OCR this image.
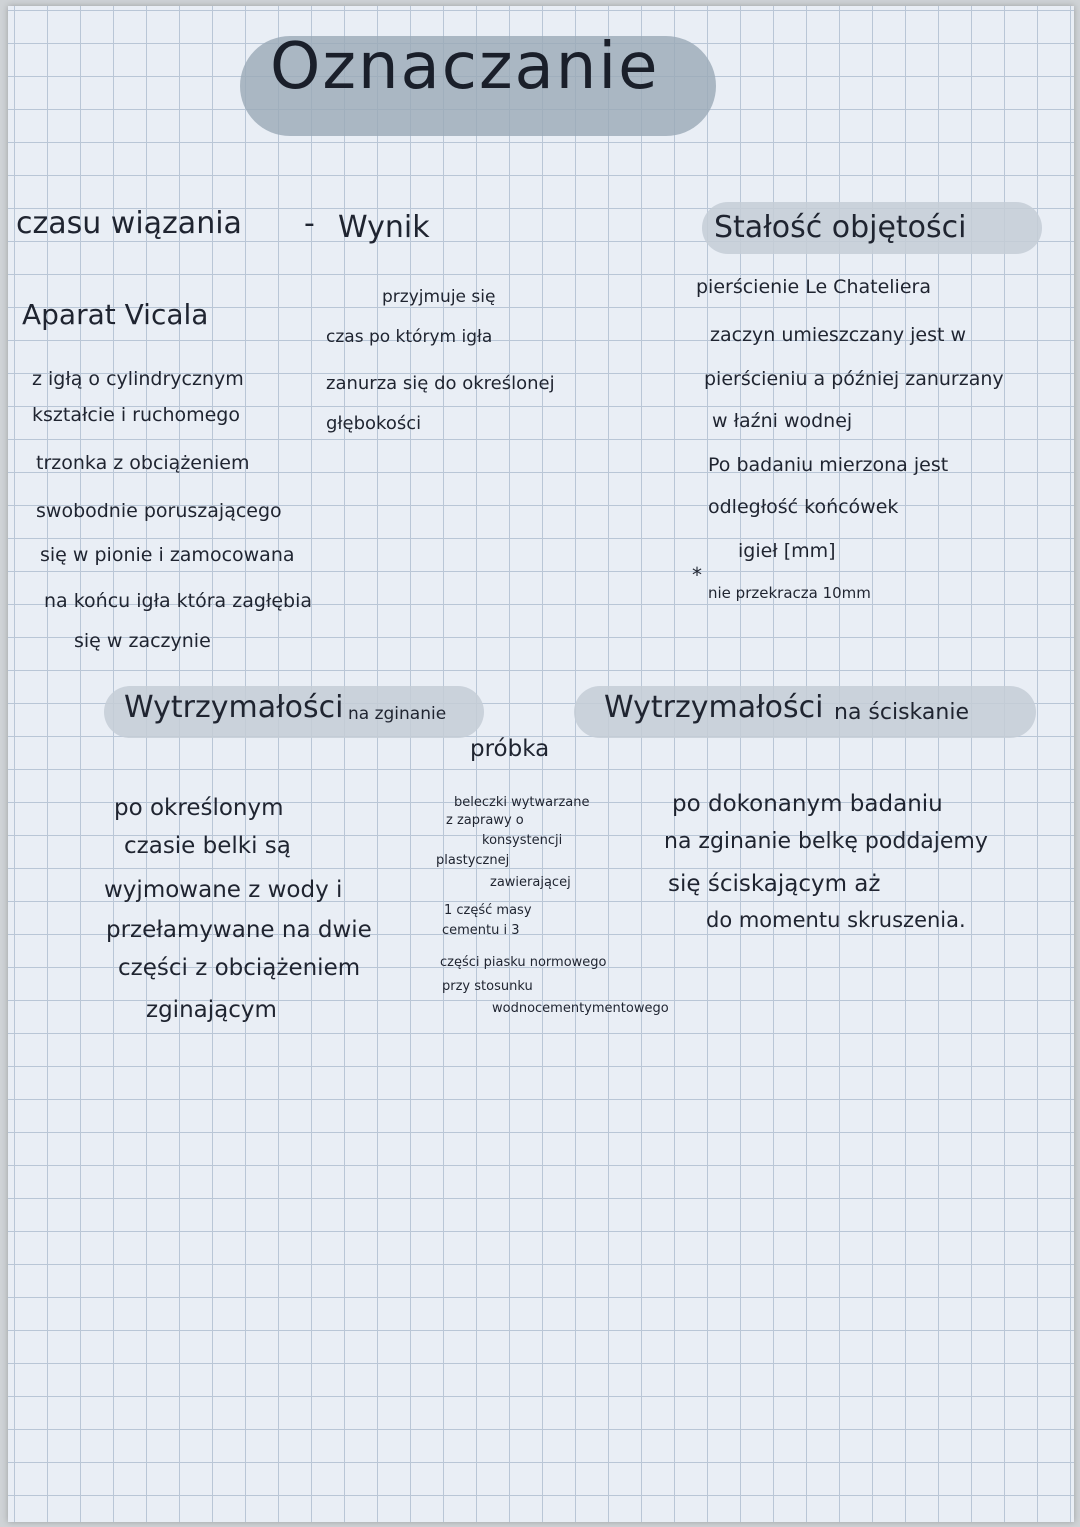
Oznaczanie
czasu wiązania - Wynik
Aparat Vicala
z igłą o cylindrycznym
kształcie i ruchomego
trzonka z obciążeniem
swobodnie poruszającego
się w pionie i zamocowana
na końcu igła która zagłębia
się w zaczynie
przyjmuje się
czas po którym igła
zanurza się do określonej
głębokości
Stałość objętości
pierścienie Le Chateliera
zaczyn umieszczany jest w
pierścieniu a później zanurzany
w łaźni wodnej
Po badaniu mierzona jest
odległość końcówek
igieł [mm]
*
nie przekracza 10mm
Wytrzymałości na zginanie
po określonym
czasie belki są
wyjmowane z wody i
przełamywane na dwie
części z obciążeniem
zginającym
próbka
beleczki wytwarzane
z zaprawy o
konsystencji
plastycznej
zawierającej
1 część masy
cementu i 3
części piasku normowego
przy stosunku
wodnocementymentowego
Wytrzymałości na ściskanie
po dokonanym badaniu
na zginanie belkę poddajemy
się ściskającym aż
do momentu skruszenia.
